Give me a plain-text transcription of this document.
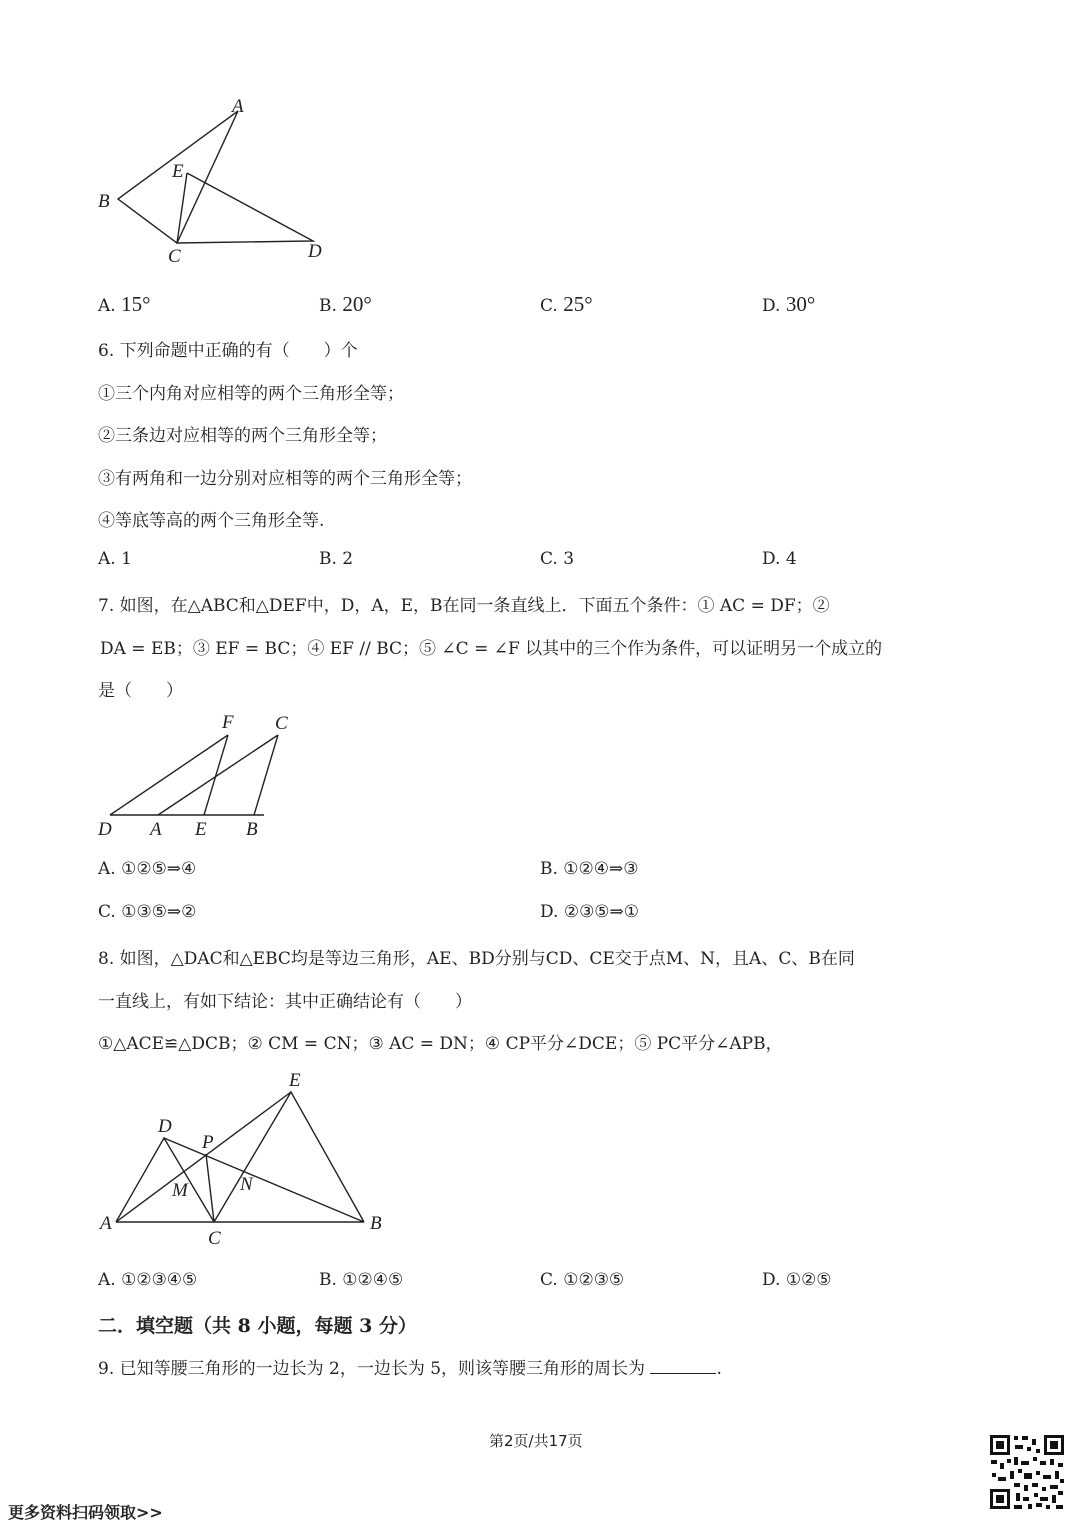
A
B
C	D
E
A. 15°	B. 20°	C. 25°	D. 30°
6. 下列命题中正确的有（　　）个
①三个内角对应相等的两个三角形全等；
②三条边对应相等的两个三角形全等；
③有两角和一边分别对应相等的两个三角形全等；
④等底等高的两个三角形全等.
A. 1	B. 2	C. 3	D. 4
7. 如图，在△ABC和△DEF中，D，A，E，B在同一条直线上．下面五个条件：① AC = DF；②
DA = EB；③ EF = BC；④ EF // BC；⑤ ∠C = ∠F 以其中的三个作为条件，可以证明另一个成立的
是（　　）
F C
D A E B
A. ①②⑤⇒④	B. ①②④⇒③
C. ①③⑤⇒②	D. ②③⑤⇒①
8. 如图，△DAC和△EBC均是等边三角形，AE、BD分别与CD、CE交于点M、N，且A、C、B在同
一直线上，有如下结论：其中正确结论有（　　）
①△ACE≌△DCB；② CM = CN；③ AC = DN；④ CP平分∠DCE；⑤ PC平分∠APB，
E
D
P
M	N
A
C
B
A. ①②③④⑤	B. ①②④⑤	C. ①②③⑤	D. ①②⑤
二．填空题（共 8 小题，每题 3 分）
9. 已知等腰三角形的一边长为 2，一边长为 5，则该等腰三角形的周长为	.
第2页/共17页
更多资料扫码领取>>
